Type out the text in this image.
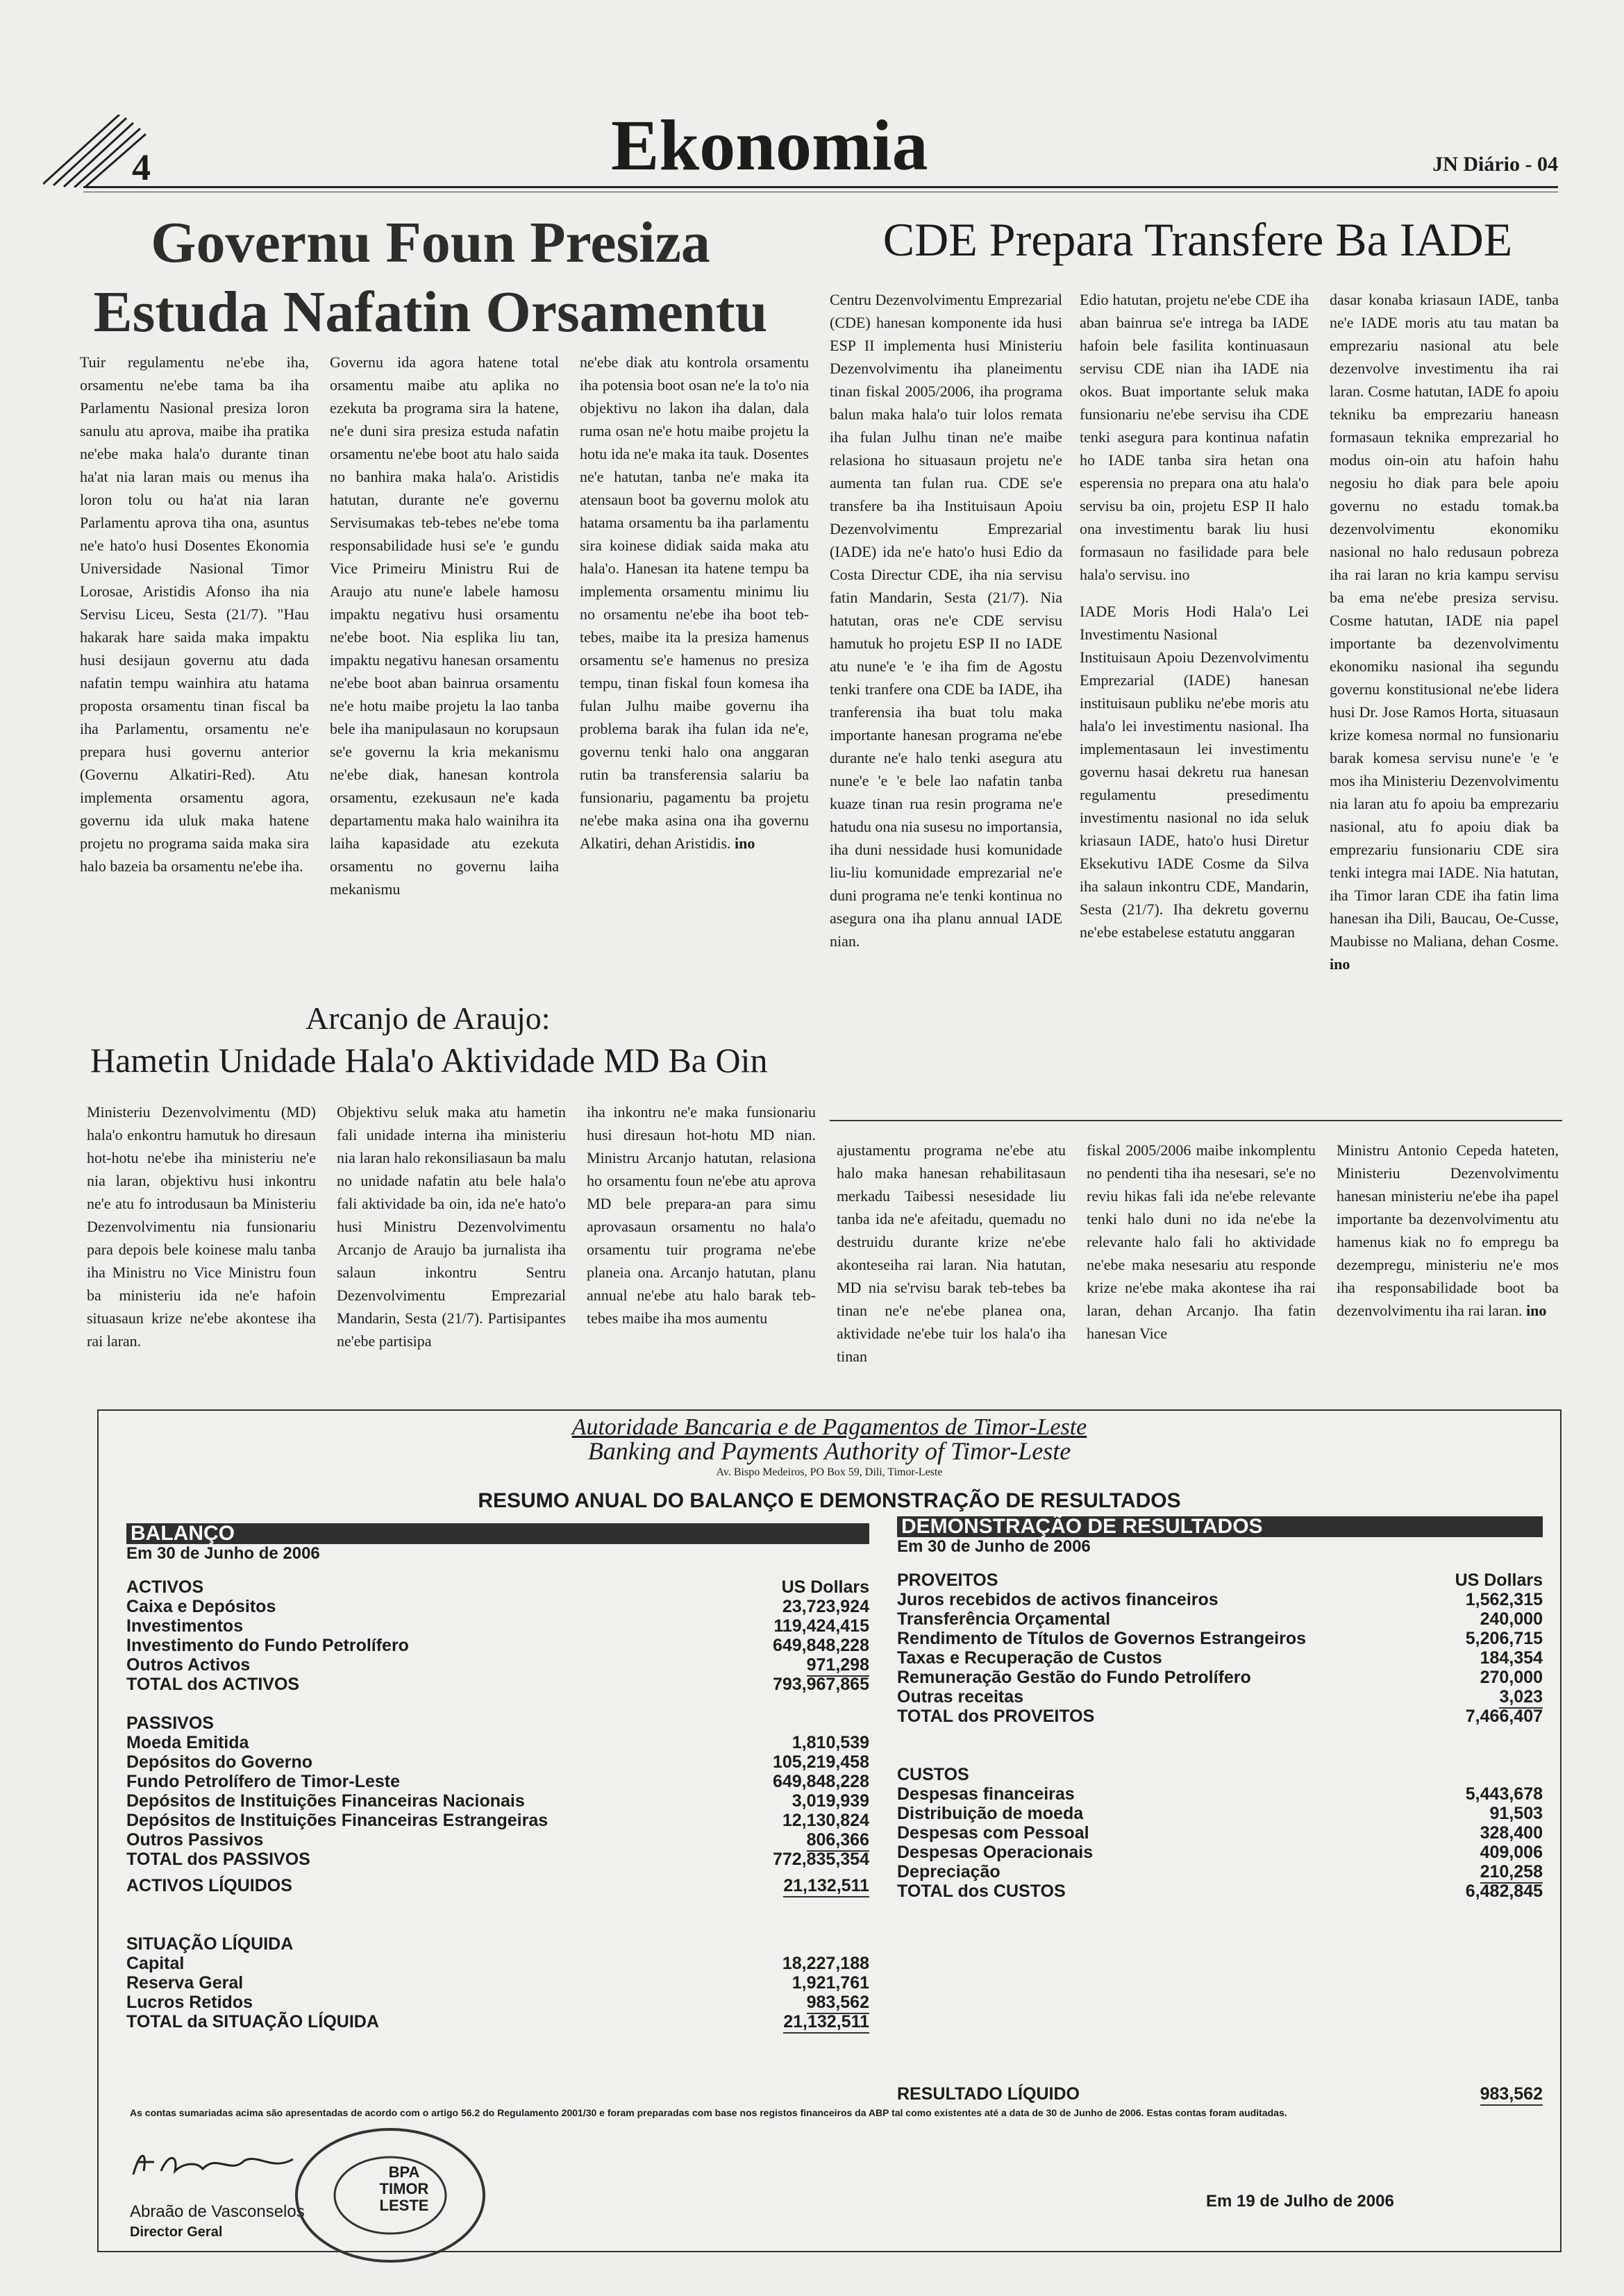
4	Ekonomia	JN Diário - 04
Governu Foun Presiza
Estuda Nafatin Orsamentu

Tuir regulamentu ne'ebe iha, orsamentu ne'ebe tama ba iha Parlamentu Nasional presiza loron sanulu atu aprova, maibe iha pratika ne'ebe maka hala'o durante tinan ha'at nia laran mais ou menus iha loron tolu ou ha'at nia laran Parlamentu aprova tiha ona, asuntus ne'e hato'o husi Dosentes Ekonomia Universidade Nasional Timor Lorosae, Aristidis Afonso iha nia Servisu Liceu, Sesta (21/7). "Hau hakarak hare saida maka impaktu husi desijaun governu atu dada nafatin tempu wainhira atu hatama proposta orsamentu tinan fiscal ba iha Parlamentu, orsamentu ne'e prepara husi governu anterior (Governu Alkatiri-Red). Atu implementa orsamentu agora, governu ida uluk maka hatene projetu no programa saida maka sira halo bazeia ba orsamentu ne'ebe iha.

Governu ida agora hatene total orsamentu maibe atu aplika no ezekuta ba programa sira la hatene, ne'e duni sira presiza estuda nafatin orsamentu ne'ebe boot atu halo saida no banhira maka hala'o. Aristidis hatutan, durante ne'e governu Servisumakas teb-tebes ne'ebe toma responsabilidade husi se'e 'e gundu Vice Primeiru Ministru Rui de Araujo atu nune'e labele hamosu impaktu negativu husi orsamentu ne'ebe boot. Nia esplika liu tan, impaktu negativu hanesan orsamentu ne'ebe boot aban bainrua orsamentu ne'e hotu maibe projetu la lao tanba bele iha manipulasaun no korupsaun se'e governu la kria mekanismu ne'ebe diak, hanesan kontrola orsamentu, ezekusaun ne'e kada departamentu maka halo wainihra ita laiha kapasidade atu ezekuta orsamentu no governu laiha mekanismu

ne'ebe diak atu kontrola orsamentu iha potensia boot osan ne'e la to'o nia objektivu no lakon iha dalan, dala ruma osan ne'e hotu maibe projetu la hotu ida ne'e maka ita tauk. Dosentes ne'e hatutan, tanba ne'e maka ita atensaun boot ba governu molok atu hatama orsamentu ba iha parlamentu sira koinese didiak saida maka atu hala'o. Hanesan ita hatene tempu ba implementa orsamentu minimu liu no orsamentu ne'ebe iha boot teb-tebes, maibe ita la presiza hamenus orsamentu se'e hamenus no presiza tempu, tinan fiskal foun komesa iha fulan Julhu maibe governu iha problema barak iha fulan ida ne'e, governu tenki halo ona anggaran rutin ba transferensia salariu ba funsionariu, pagamentu ba projetu ne'ebe maka asina ona iha governu Alkatiri, dehan Aristidis. ino

CDE Prepara Transfere Ba IADE

Centru Dezenvolvimentu Emprezarial (CDE) hanesan komponente ida husi ESP II implementa husi Ministeriu Dezenvolvimentu iha planeimentu tinan fiskal 2005/2006, iha programa balun maka hala'o tuir lolos remata iha fulan Julhu tinan ne'e maibe relasiona ho situasaun projetu ne'e aumenta tan fulan rua. CDE se'e transfere ba iha Instituisaun Apoiu Dezenvolvimentu Emprezarial (IADE) ida ne'e hato'o husi Edio da Costa Directur CDE, iha nia servisu fatin Mandarin, Sesta (21/7). Nia hatutan, oras ne'e CDE servisu hamutuk ho projetu ESP II no IADE atu nune'e 'e 'e iha fim de Agostu tenki tranfere ona CDE ba IADE, iha tranferensia iha buat tolu maka importante hanesan programa ne'ebe durante ne'e halo tenki asegura atu nune'e 'e 'e bele lao nafatin tanba kuaze tinan rua resin programa ne'e hatudu ona nia susesu no importansia, iha duni nessidade husi komunidade liu-liu komunidade emprezarial ne'e duni programa ne'e tenki kontinua no asegura ona iha planu annual IADE nian.

Edio hatutan, projetu ne'ebe CDE iha aban bainrua se'e intrega ba IADE hafoin bele fasilita kontinuasaun servisu CDE nian iha IADE nia okos. Buat importante seluk maka funsionariu ne'ebe servisu iha CDE tenki asegura para kontinua nafatin ho IADE tanba sira hetan ona esperensia no prepara ona atu hala'o servisu ba oin, projetu ESP II halo ona investimentu barak liu husi formasaun no fasilidade para bele hala'o servisu. ino

IADE Moris Hodi Hala'o Lei Investimentu Nasional

Instituisaun Apoiu Dezenvolvimentu Emprezarial (IADE) hanesan instituisaun publiku ne'ebe moris atu hala'o lei investimentu nasional. Iha implementasaun lei investimentu governu hasai dekretu rua hanesan regulamentu presedimentu investimentu nasional no ida seluk kriasaun IADE, hato'o husi Diretur Eksekutivu IADE Cosme da Silva iha salaun inkontru CDE, Mandarin, Sesta (21/7). Iha dekretu governu ne'ebe estabelese estatutu anggaran

dasar konaba kriasaun IADE, tanba ne'e IADE moris atu tau matan ba emprezariu nasional atu bele dezenvolve investimentu iha rai laran. Cosme hatutan, IADE fo apoiu tekniku ba emprezariu haneasn formasaun teknika emprezarial ho modus oin-oin atu hafoin hahu negosiu ho diak para bele apoiu governu no estadu tomak.ba dezenvolvimentu ekonomiku nasional no halo redusaun pobreza iha rai laran no kria kampu servisu ba ema ne'ebe presiza servisu. Cosme hatutan, IADE nia papel importante ba dezenvolvimentu ekonomiku nasional iha segundu governu konstitusional ne'ebe lidera husi Dr. Jose Ramos Horta, situasaun krize komesa normal no funsionariu barak komesa servisu nune'e 'e 'e mos iha Ministeriu Dezenvolvimentu nia laran atu fo apoiu ba emprezariu nasional, atu fo apoiu diak ba emprezariu funsionariu CDE sira tenki integra mai IADE. Nia hatutan, iha Timor laran CDE iha fatin lima hanesan iha Dili, Baucau, Oe-Cusse, Maubisse no Maliana, dehan Cosme. ino

Arcanjo de Araujo:
Hametin Unidade Hala'o Aktividade MD Ba Oin

Ministeriu Dezenvolvimentu (MD) hala'o enkontru hamutuk ho diresaun hot-hotu ne'ebe iha ministeriu ne'e nia laran, objektivu husi inkontru ne'e atu fo introdusaun ba Ministeriu Dezenvolvimentu nia funsionariu para depois bele koinese malu tanba iha Ministru no Vice Ministru foun ba ministeriu ida ne'e hafoin situasaun krize ne'ebe akontese iha rai laran.

Objektivu seluk maka atu hametin fali unidade interna iha ministeriu nia laran halo rekonsiliasaun ba malu no unidade nafatin atu bele hala'o fali aktividade ba oin, ida ne'e hato'o husi Ministru Dezenvolvimentu Arcanjo de Araujo ba jurnalista iha salaun inkontru Sentru Dezenvolvimentu Emprezarial Mandarin, Sesta (21/7). Partisipantes ne'ebe partisipa

iha inkontru ne'e maka funsionariu husi diresaun hot-hotu MD nian. Ministru Arcanjo hatutan, relasiona ho orsamentu foun ne'ebe atu aprova MD bele prepara-an para simu aprovasaun orsamentu no hala'o orsamentu tuir programa ne'ebe planeia ona. Arcanjo hatutan, planu annual ne'ebe atu halo barak teb-tebes maibe iha mos aumentu

ajustamentu programa ne'ebe atu halo maka hanesan rehabilitasaun merkadu Taibessi nesesidade liu tanba ida ne'e afeitadu, quemadu no destruidu durante krize ne'ebe akonteseiha rai laran. Nia hatutan, MD nia se'rvisu barak teb-tebes ba tinan ne'e ne'ebe planea ona, aktividade ne'ebe tuir los hala'o iha tinan

fiskal 2005/2006 maibe inkomplentu no pendenti tiha iha nesesari, se'e no reviu hikas fali ida ne'ebe relevante tenki halo duni no ida ne'ebe la relevante halo fali ho aktividade ne'ebe maka nesesariu atu responde krize ne'ebe maka akontese iha rai laran, dehan Arcanjo. Iha fatin hanesan Vice

Ministru Antonio Cepeda hateten, Ministeriu Dezenvolvimentu hanesan ministeriu ne'ebe iha papel importante ba dezenvolvimentu atu hamenus kiak no fo empregu ba dezempregu, ministeriu ne'e mos iha responsabilidade boot ba dezenvolvimentu iha rai laran. ino

Autoridade Bancaria e de Pagamentos de Timor-Leste
Banking and Payments Authority of Timor-Leste
Av. Bispo Medeiros, PO Box 59, Dili, Timor-Leste
RESUMO ANUAL DO BALANÇO E DEMONSTRAÇÃO DE RESULTADOS
BALANÇO
Em 30 de Junho de 2006
ACTIVOS	US Dollars
Caixa e Depósitos	23,723,924
Investimentos	119,424,415
Investimento do Fundo Petrolífero	649,848,228
Outros Activos	971,298
TOTAL dos ACTIVOS	793,967,865
PASSIVOS
Moeda Emitida	1,810,539
Depósitos do Governo	105,219,458
Fundo Petrolífero de Timor-Leste	649,848,228
Depósitos de Instituições Financeiras Nacionais	3,019,939
Depósitos de Instituições Financeiras Estrangeiras	12,130,824
Outros Passivos	806,366
TOTAL dos PASSIVOS	772,835,354
ACTIVOS LÍQUIDOS	21,132,511
SITUAÇÃO LÍQUIDA
Capital	18,227,188
Reserva Geral	1,921,761
Lucros Retidos	983,562
TOTAL da SITUAÇÃO LÍQUIDA	21,132,511
DEMONSTRAÇÃO DE RESULTADOS
Em 30 de Junho de 2006
PROVEITOS	US Dollars
Juros recebidos de activos financeiros	1,562,315
Transferência Orçamental	240,000
Rendimento de Títulos de Governos Estrangeiros	5,206,715
Taxas e Recuperação de Custos	184,354
Remuneração Gestão do Fundo Petrolífero	270,000
Outras receitas	3,023
TOTAL dos PROVEITOS	7,466,407
CUSTOS
Despesas financeiras	5,443,678
Distribuição de moeda	91,503
Despesas com Pessoal	328,400
Despesas Operacionais	409,006
Depreciação	210,258
TOTAL dos CUSTOS	6,482,845
RESULTADO LÍQUIDO	983,562
As contas sumariadas acima são apresentadas de acordo com o artigo 56.2 do Regulamento 2001/30 e foram preparadas com base nos registos financeiros da ABP tal como existentes até a data de 30 de Junho de 2006. Estas contas foram auditadas.
Abraão de Vasconselos
Director Geral
BPA TIMOR LESTE	Em 19 de Julho de 2006
